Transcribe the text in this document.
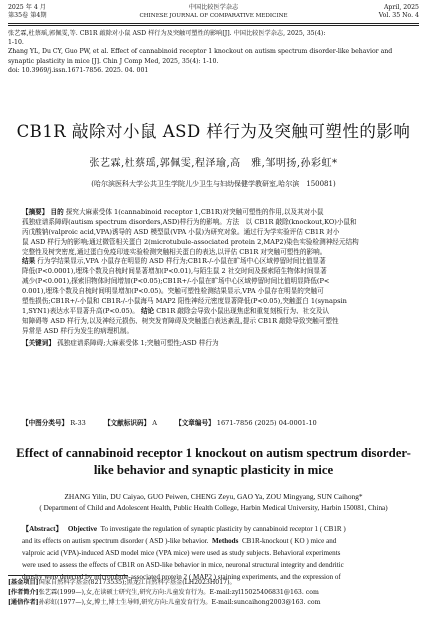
2025 年 4 月
第35卷 第4期
中国比较医学杂志
CHINESE JOURNAL OF COMPARATIVE MEDICINE
April, 2025
Vol. 35 No. 4
张艺霖,杜蔡瑶,郭佩雯,等. CB1R 敲除对小鼠 ASD 样行为及突触可塑性的影响[J]. 中国比较医学杂志, 2025, 35(4):
1-10.
Zhang YL, Du CY, Guo PW, et al. Effect of cannabinoid receptor 1 knockout on autism spectrum disorder-like behavior and
synaptic plasticity in mice [J]. Chin J Comp Med, 2025, 35(4): 1-10.
doi: 10.3969/j.issn.1671-7856. 2025. 04. 001
CB1R 敲除对小鼠 ASD 样行为及突触可塑性的影响
张艺霖,杜蔡瑶,郭佩雯,程泽瑜,高　雅,邹明扬,孙彩虹*
(哈尔滨医科大学公共卫生学院儿少卫生与妇幼保健学教研室,哈尔滨　150081)
【摘要】 目的 探究大麻素受体 1(cannabinoid receptor 1,CB1R)对突触可塑性的作用,以及其对小鼠
孤独症谱系障碍(autism spectrum disorders,ASD)样行为的影响。方法　以 CB1R 敲除(knockout,KO)小鼠和
丙戊酸钠(valproic acid,VPA)诱导的 ASD 模型鼠(VPA 小鼠)为研究对象。通过行为学实验评估 CB1R 对小
鼠 ASD 样行为的影响;通过微管相关蛋白 2(microtubule-associated protein 2,MAP2)染色实验检测神经元结构
完整性及树突密度,通过蛋白免疫印迹实验检测突触相关蛋白的表达,以评估 CB1R 对突触可塑性的影响。
结果 行为学结果显示,VPA 小鼠存在明显的 ASD 样行为;CB1R-/-小鼠在旷场中心区域停留时间比值显著
降低(P<0.0001),埋珠个数及自梳时间显著增加(P<0.01),与陌生鼠 2 社交时间及探索陌生物体时间显著
减少(P<0.001),探索旧物体时间增加(P<0.05);CB1R+/-小鼠在旷场中心区域停留时间比值明显降低(P<
0.001),埋珠个数及自梳时间明显增加(P<0.05)。突触可塑性检测结果显示,VPA 小鼠存在明显的突触可
塑性损伤;CB1R+/-小鼠和 CB1R-/-小鼠海马 MAP2 阳性神经元密度显著降低(P<0.05),突触蛋白 1(synapsin
1,SYN1)表达水平显著升高(P<0.05)。 结论 CB1R 敲除会导致小鼠出现焦虑和重复刻板行为、社交及认
知障碍等 ASD 样行为,以及神经元损伤、树突发育障碍及突触蛋白表达紊乱,提示 CB1R 敲除导致突触可塑性
异常是 ASD 样行为发生的病理机制。
【关键词】 孤独症谱系障碍;大麻素受体 1;突触可塑性;ASD 样行为
【中图分类号】 R-33	【文献标识码】 A	【文章编号】 1671-7856 (2025) 04-0001-10
Effect of cannabinoid receptor 1 knockout on autism spectrum disorder-like behavior and synaptic plasticity in mice
ZHANG Yilin, DU Caiyao, GUO Peiwen, CHENG Zeyu, GAO Ya, ZOU Mingyang, SUN Caihong*
( Department of Child and Adolescent Health, Public Health College, Harbin Medical University, Harbin 150081, China)
【Abstract】 Objective To investigate the regulation of synaptic plasticity by cannabinoid receptor 1 ( CB1R )
and its effects on autism spectrum disorder ( ASD )-like behavior. Methods CB1R-knockout ( KO ) mice and
valproic acid (VPA)-induced ASD model mice (VPA mice) were used as study subjects. Behavioral experiments
were used to assess the effects of CB1R on ASD-like behavior in mice, neuronal structural integrity and dendritic
density were detected by microtubule-associated protein 2 ( MAP2 ) staining experiments, and the expression of
[基金项目]国家自然科学基金(82173535);黑龙江自然科学基金(LH2023H017)。
[作者简介]张艺霖(1999—),女,在读硕士研究生,研究方向:儿童发育行为。E-mail:zyl15025406831@163. com
[通信作者]孙彩虹(1977—),女,博士,博士生导师,研究方向:儿童发育行为。E-mail:suncaihong2003@163. com
